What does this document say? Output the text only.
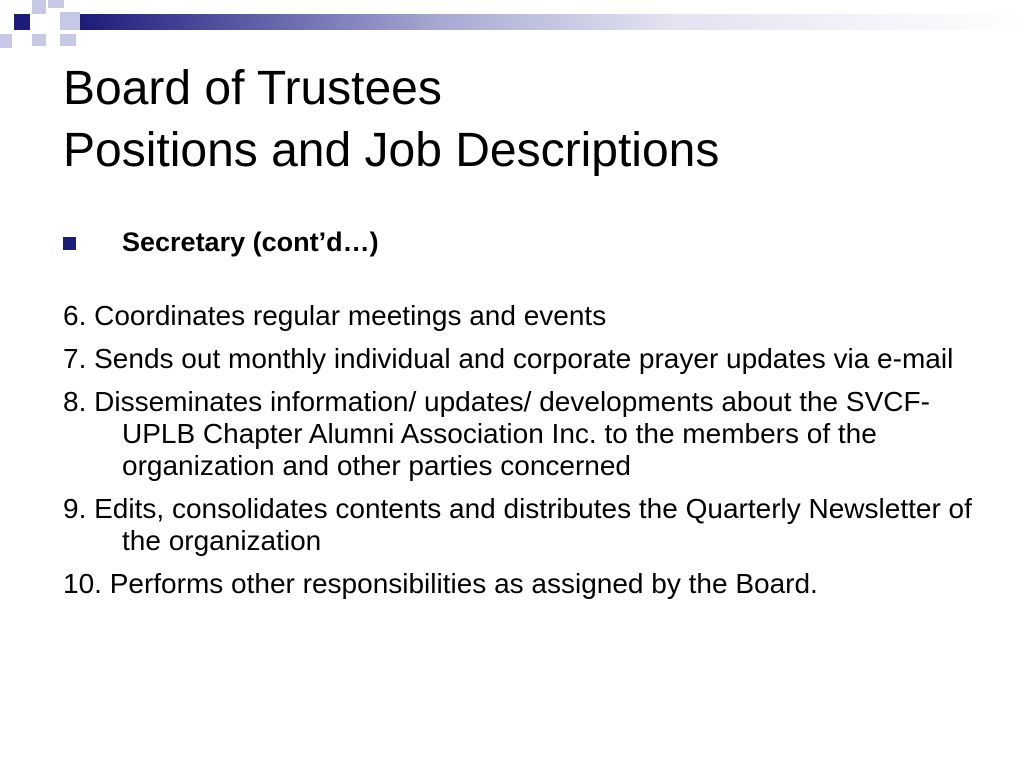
Board of Trustees
Positions and Job Descriptions
Secretary (cont’d…)
6. Coordinates regular meetings and events
7. Sends out monthly individual and corporate prayer updates via e-mail
8. Disseminates information/ updates/ developments about the SVCF-UPLB Chapter Alumni Association Inc. to the members of the organization and other parties concerned
9. Edits, consolidates contents and distributes the Quarterly Newsletter of the organization
10. Performs other responsibilities as assigned by the Board.
